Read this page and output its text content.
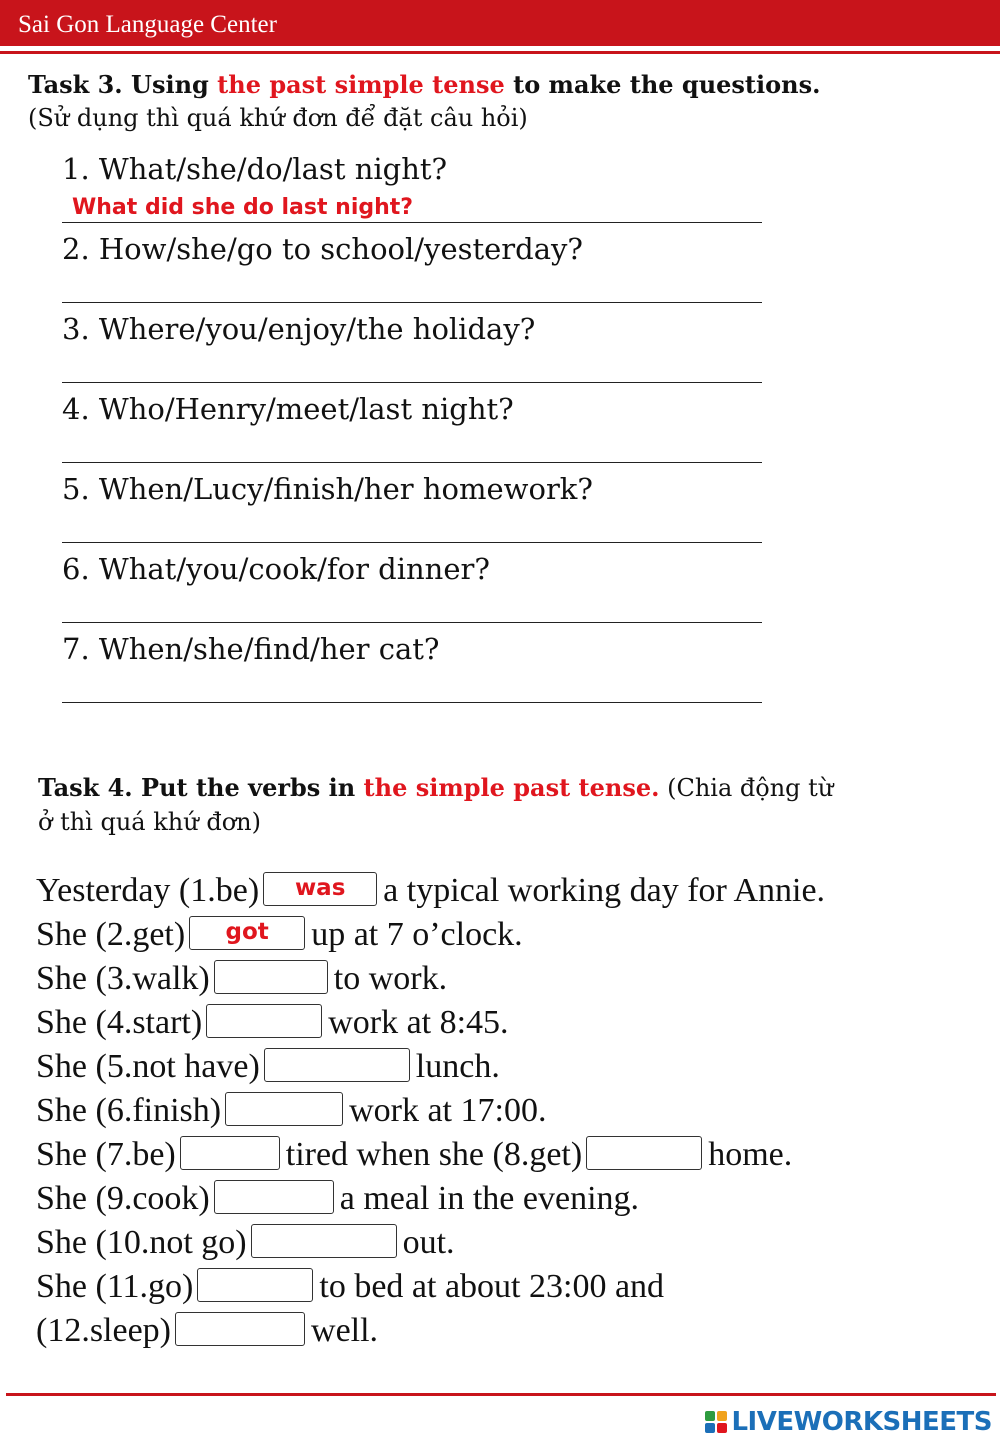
Sai Gon Language Center
Task 3. Using the past simple tense to make the questions.
(Sử dụng thì quá khứ đơn để đặt câu hỏi)
1. What/she/do/last night?
What did she do last night?
2. How/she/go to school/yesterday?
3. Where/you/enjoy/the holiday?
4. Who/Henry/meet/last night?
5. When/Lucy/finish/her homework?
6. What/you/cook/for dinner?
7. When/she/find/her cat?
Task 4. Put the verbs in the simple past tense. (Chia động từ
ở thì quá khứ đơn)
Yesterday (1.be) was a typical working day for Annie.
She (2.get) got up at 7 o’clock.
She (3.walk)	to work.
She (4.start)	work at 8:45.
She (5.not have)	lunch.
She (6.finish)	work at 17:00.
She (7.be)	tired when she (8.get)	home.
She (9.cook)	a meal in the evening.
She (10.not go)	out.
She (11.go)	to bed at about 23:00 and
(12.sleep)	well.
LIVEWORKSHEETS
